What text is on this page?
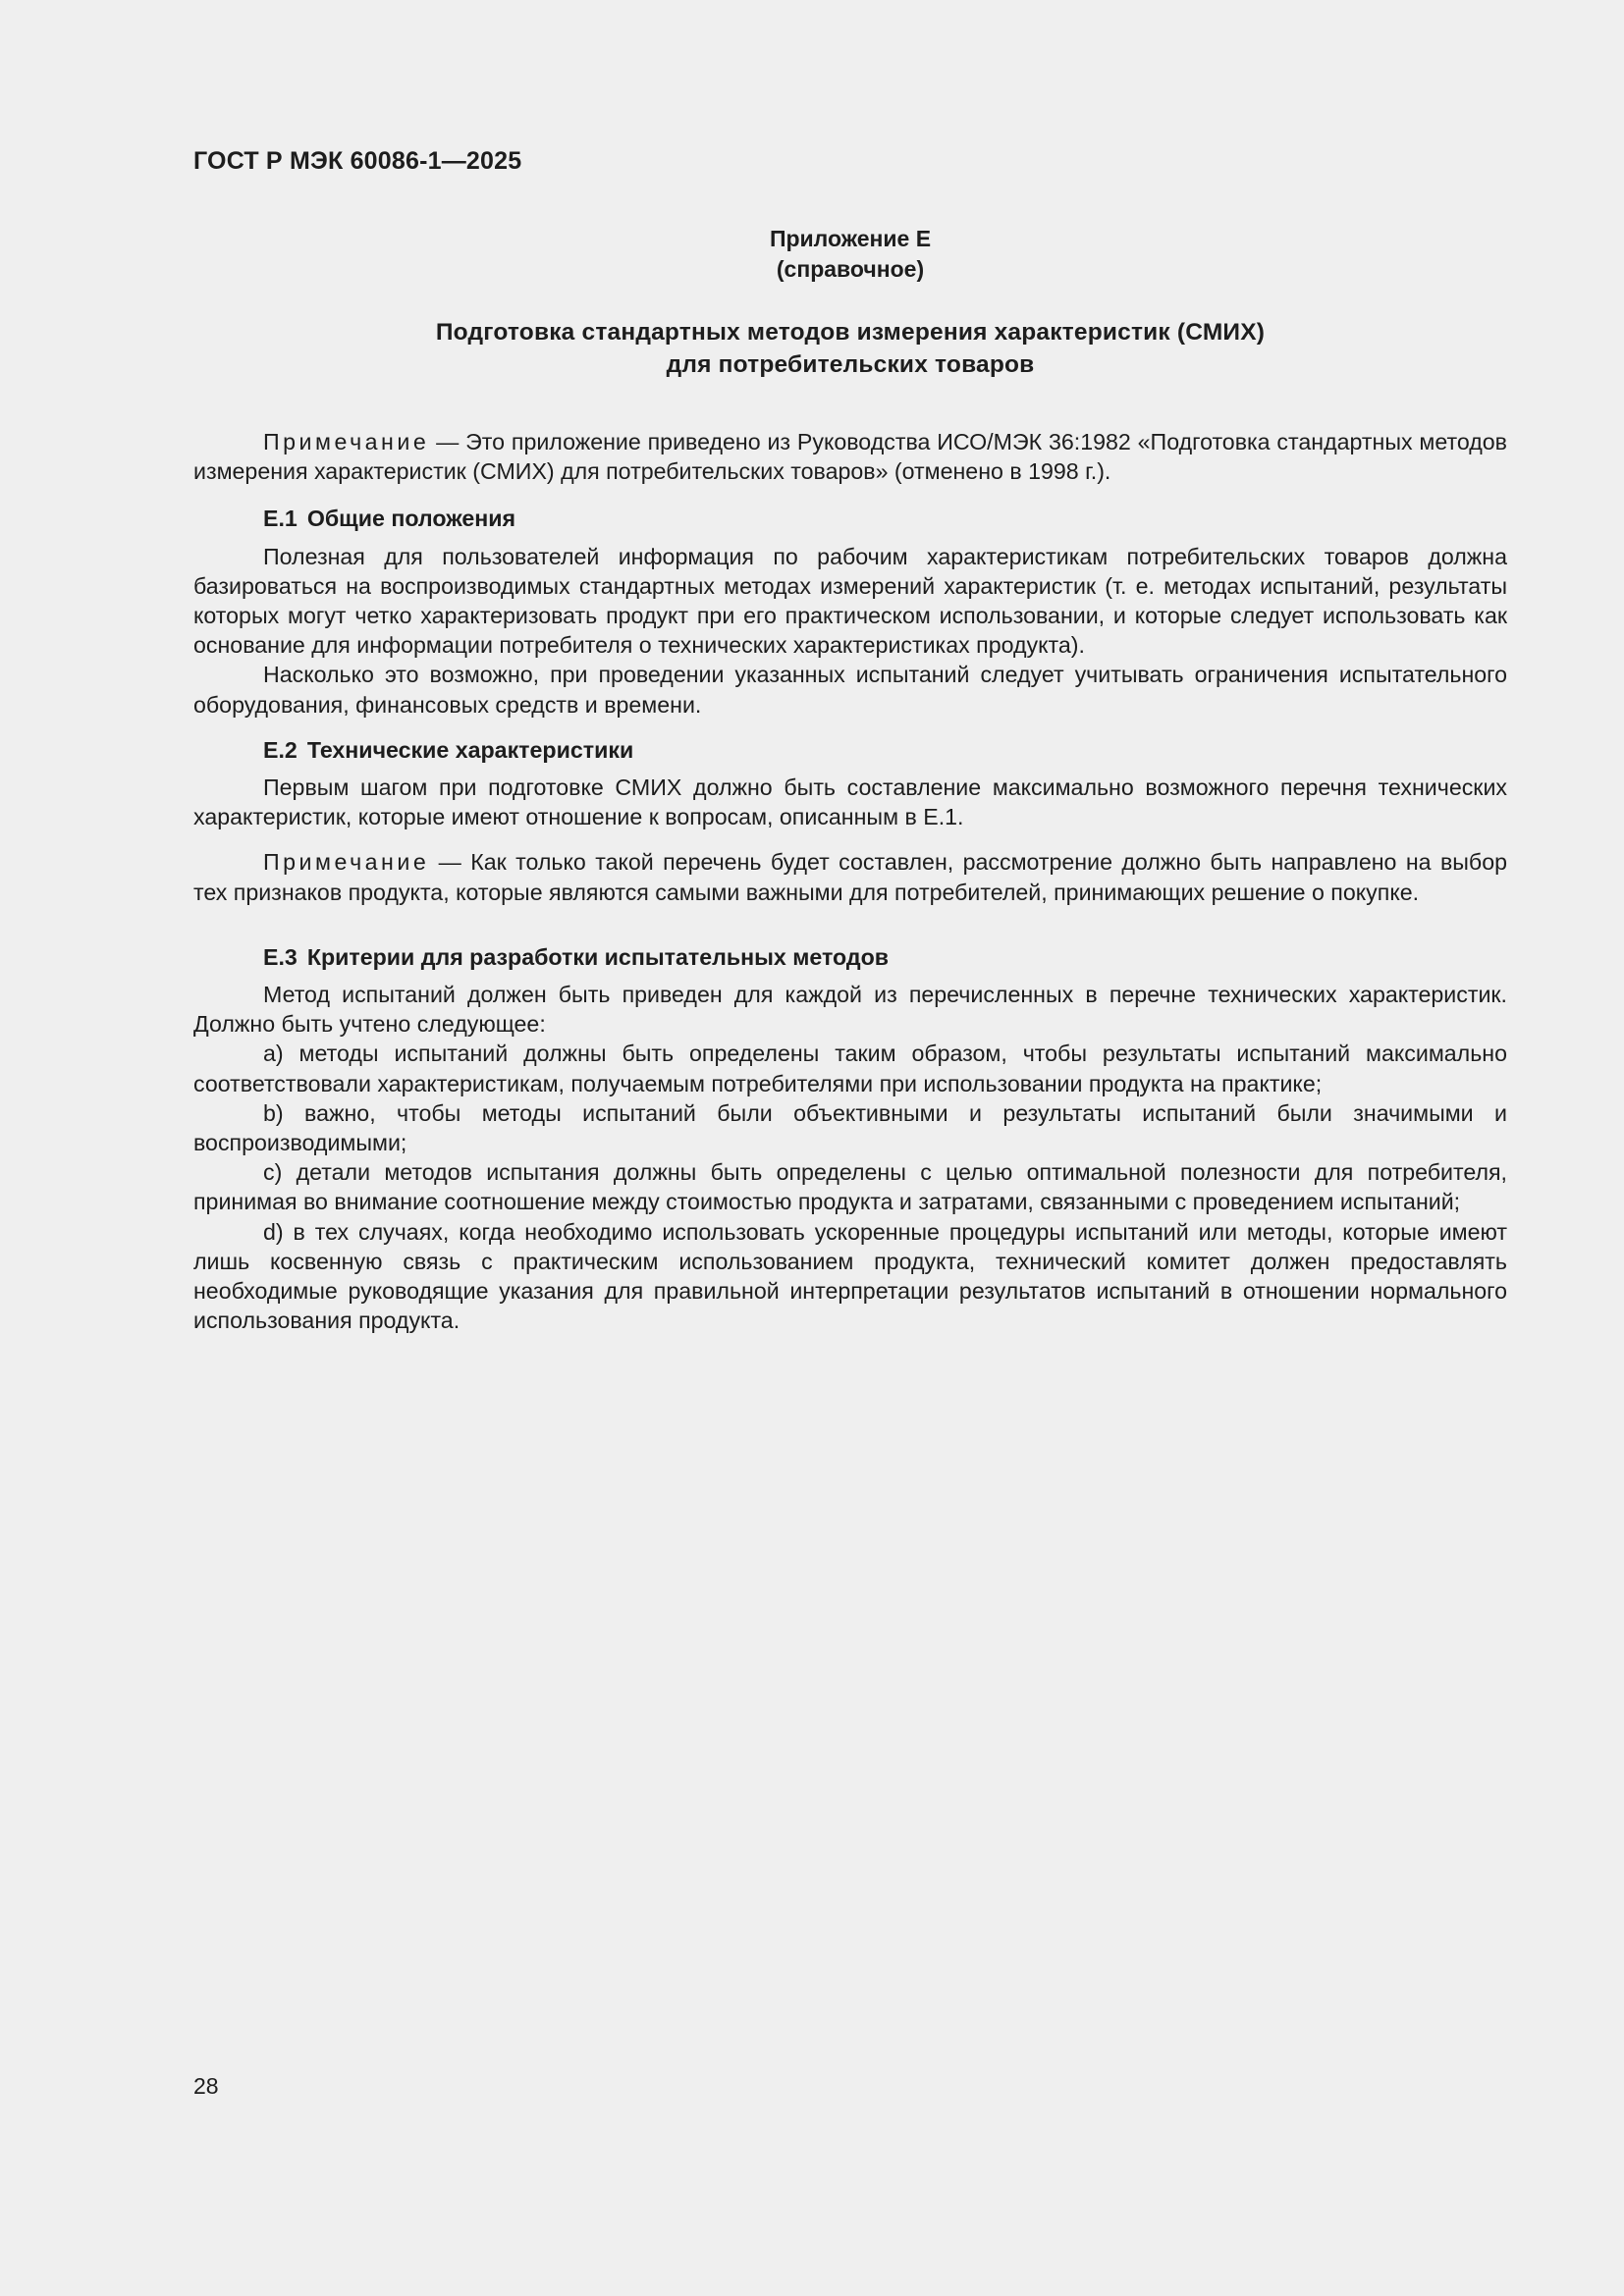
ГОСТ Р МЭК 60086-1—2025
Приложение Е
(справочное)
Подготовка стандартных методов измерения характеристик (СМИХ)
для потребительских товаров

Примечание — Это приложение приведено из Руководства ИСО/МЭК 36:1982 «Подготовка стандартных методов измерения характеристик (СМИХ) для потребительских товаров» (отменено в 1998 г.).

Е.1 Общие положения

Полезная для пользователей информация по рабочим характеристикам потребительских товаров должна базироваться на воспроизводимых стандартных методах измерений характеристик (т. е. методах испытаний, результаты которых могут четко характеризовать продукт при его практическом использовании, и которые следует использовать как основание для информации потребителя о технических характеристиках продукта).

Насколько это возможно, при проведении указанных испытаний следует учитывать ограничения испытательного оборудования, финансовых средств и времени.

Е.2 Технические характеристики

Первым шагом при подготовке СМИХ должно быть составление максимально возможного перечня технических характеристик, которые имеют отношение к вопросам, описанным в Е.1.

Примечание — Как только такой перечень будет составлен, рассмотрение должно быть направлено на выбор тех признаков продукта, которые являются самыми важными для потребителей, принимающих решение о покупке.

Е.3 Критерии для разработки испытательных методов

Метод испытаний должен быть приведен для каждой из перечисленных в перечне технических характеристик. Должно быть учтено следующее:

a) методы испытаний должны быть определены таким образом, чтобы результаты испытаний максимально соответствовали характеристикам, получаемым потребителями при использовании продукта на практике;

b) важно, чтобы методы испытаний были объективными и результаты испытаний были значимыми и воспроизводимыми;

c) детали методов испытания должны быть определены с целью оптимальной полезности для потребителя, принимая во внимание соотношение между стоимостью продукта и затратами, связанными с проведением испытаний;

d) в тех случаях, когда необходимо использовать ускоренные процедуры испытаний или методы, которые имеют лишь косвенную связь с практическим использованием продукта, технический комитет должен предоставлять необходимые руководящие указания для правильной интерпретации результатов испытаний в отношении нормального использования продукта.

28
